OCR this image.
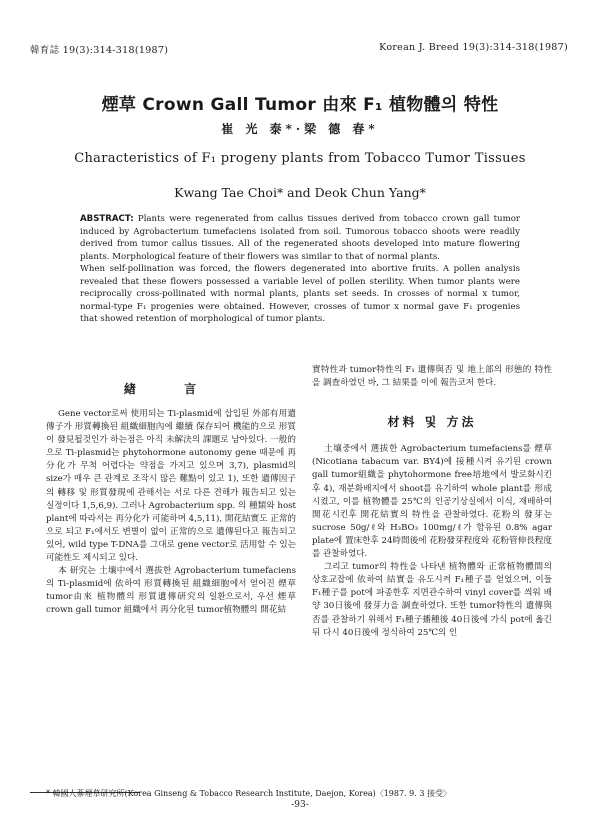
韓育誌 19(3):314-318(1987)	Korean J. Breed 19(3):314-318(1987)
煙草 Crown Gall Tumor 由來 F₁ 植物體의 特性
崔 光 泰*·梁 德 春*
Characteristics of F₁ progeny plants from Tobacco Tumor Tissues
Kwang Tae Choi* and Deok Chun Yang*

ABSTRACT: Plants were regenerated from callus tissues derived from tobacco crown gall tumor induced by Agrobacterium tumefaciens isolated from soil. Tumorous tobacco shoots were readily derived from tumor callus tissues. All of the regenerated shoots developed into mature flowering plants. Morphological feature of their flowers was similar to that of normal plants.

When self-pollination was forced, the flowers degenerated into abortive fruits. A pollen analysis revealed that these flowers possessed a variable level of pollen sterility. When tumor plants were reciprocally cross-pollinated with normal plants, plants set seeds. In crosses of normal x tumor, normal-type F₁ progenies were obtained. However, crosses of tumor x normal gave F₁ progenies that showed retention of morphological of tumor plants.

緖 言

Gene vector로써 使用되는 Ti-plasmid에 삽입된 外部有用遺傳子가 形質轉換된 組織細胞內에 繼續 保存되어 機能的으로 形質이 發見될것인가 하는점은 아직 未解決의 課題로 남아있다. 一般的으로 Ti-plasmid는 phytohormone autonomy gene 때문에 再分化가 무척 어렵다는 약점을 가지고 있으며 3,7), plasmid의 size가 매우 큰 관계로 조작시 많은 難點이 있고 1), 또한 遺傳因子의 轉移 및 形質發現에 관해서는 서로 다른 견해가 報告되고 있는 실정이다 1,5,6,9). 그러나 Agrobacterium spp. 의 種類와 host plant에 따라서는 再分化가 可能하며 4,5,11), 開花結實도 正常的으로 되고 F₁에서도 변별이 없이 正常的으로 遺傳된다고 報告되고 있어, wild type T-DNA를 그대로 gene vector로 活用할 수 있는 可能性도 제시되고 있다.

本 研究는 土壤中에서 選拔한 Agrobacterium tumefaciens의 Ti-plasmid에 依하여 形質轉換된 組織細胞에서 얻어진 煙草 tumor由來 植物體의 形質遺傳研究의 일환으로서, 우선 煙草 crown gall tumor 組織에서 再分化된 tumor植物體의 開花結

實特性과 tumor特性의 F₁ 遺傳與否 및 地上部의 形態的 特性을 調査하였던 바, 그 結果를 이에 報告코저 한다.

材料 및 方法

土壤중에서 選拔한 Agrobacterium tumefaciens를 煙草 (Nicotiana tabacum var. BY4)에 接種시켜 유기된 crown gall tumor組織을 phytohormone free培地에서 발로화시킨후 4), 재분화배지에서 shoot를 유기하여 whole plant를 形成시켰고, 이를 植物體를 25℃의 인공기상실에서 이식, 재배하여 開花시킨후 開花結實의 特性을 관찰하였다. 花粉의 發芽는 sucrose 50g/ℓ와 H₃BO₃ 100mg/ℓ가 함유된 0.8% agar plate에 置床한후 24時間後에 花粉發芽程度와 花粉管伸長程度를 관찰하였다.

그리고 tumor의 特性을 나타낸 植物體와 正常植物體間의 상호교잡에 依하여 結實을 유도시켜 F₁種子를 얻었으며, 이들 F₁種子를 pot에 파종한후 지면관수하여 vinyl cover를 씌워 배양 30日後에 發芽力을 調査하였다. 또한 tumor特性의 遺傳與否를 관찰하기 위해서 F₁種子播種後 40日後에 가식 pot에 옮긴뒤 다시 40日後에 정식하여 25℃의 인

* 韓國人蔘煙草研究所(Korea Ginseng & Tobacco Research Institute, Daejon, Korea)〈1987. 9. 3 接受〉
-93-
